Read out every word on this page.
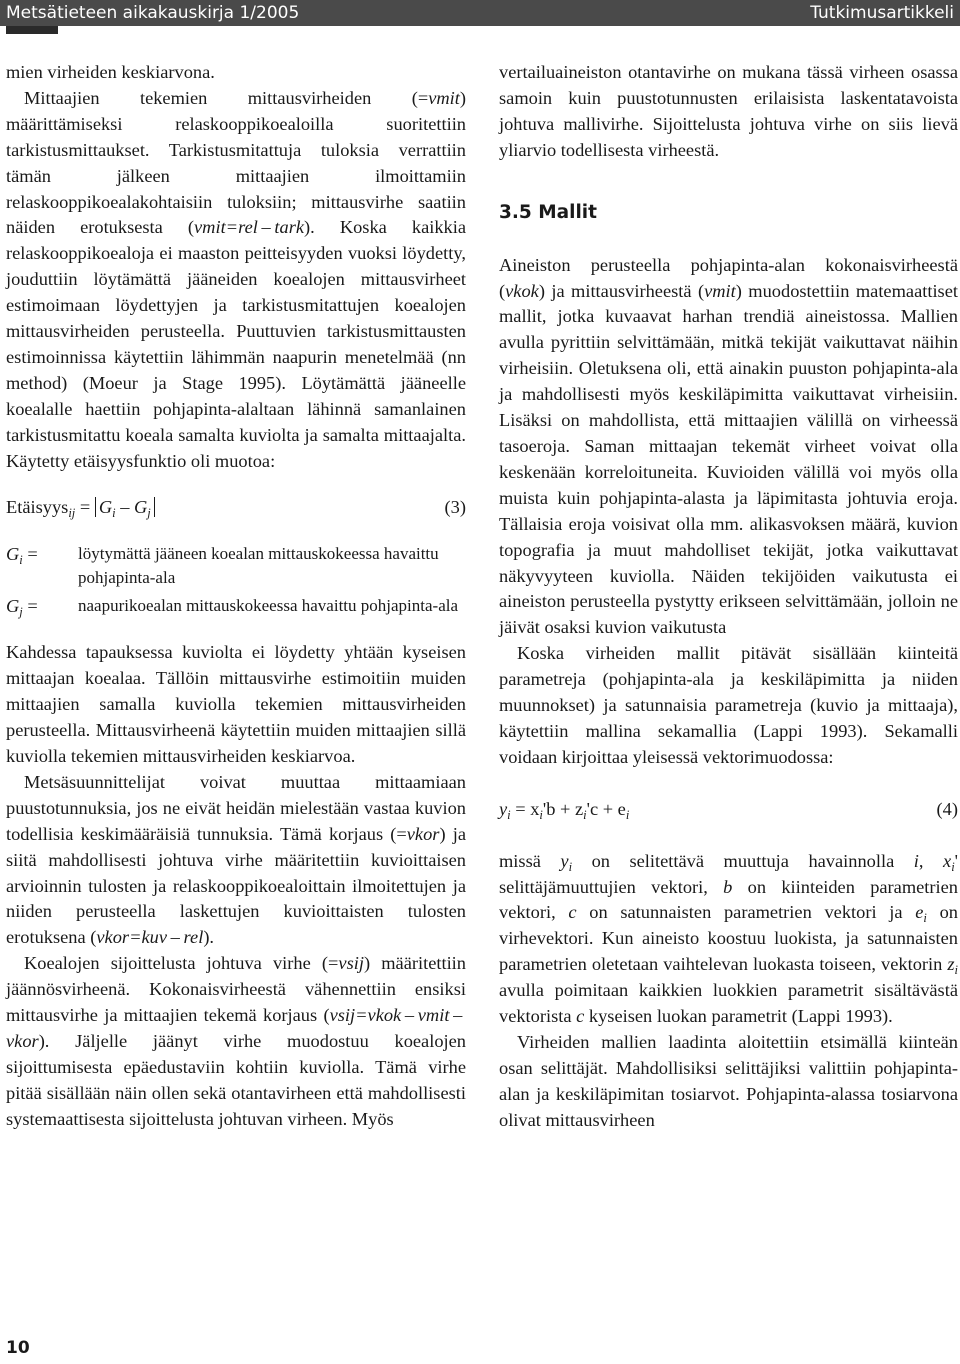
Metsätieteen aikakauskirja 1/2005	Tutkimusartikkeli

mien virheiden keskiarvona.

Mittaajien tekemien mittausvirheiden (=vmit) määrittämiseksi relaskooppikoealoilla suoritettiin tarkistusmittaukset. Tarkistusmitattuja tuloksia verrattiin tämän jälkeen mittaajien ilmoittamiin relaskooppikoealakohtaisiin tuloksiin; mittausvirhe saatiin näiden erotuksesta (vmit=rel – tark). Koska kaikkia relaskooppikoealoja ei maaston peitteisyyden vuoksi löydetty, jouduttiin löytämättä jääneiden koealojen mittausvirheet estimoimaan löydettyjen ja tarkistusmitattujen koealojen mittausvirheiden perusteella. Puuttuvien tarkistusmittausten estimoinnissa käytettiin lähimmän naapurin menetelmää (nn method) (Moeur ja Stage 1995). Löytämättä jääneelle koealalle haettiin pohjapinta-alaltaan lähinnä samanlainen tarkistusmitattu koeala samalta kuviolta ja samalta mittaajalta. Käytetty etäisyysfunktio oli muotoa:

Etäisyys$_{ij}$ = $G_i - G_j$	(3)
$G_i$ =	löytymättä jääneen koealan mittauskokeessa havaittu pohjapinta-ala
$G_j$ =	naapurikoealan mittauskokeessa havaittu pohjapinta-ala

Kahdessa tapauksessa kuviolta ei löydetty yhtään kyseisen mittaajan koealaa. Tällöin mittausvirhe estimoitiin muiden mittaajien samalla kuviolla tekemien mittausvirheiden perusteella. Mittausvirheenä käytettiin muiden mittaajien sillä kuviolla tekemien mittausvirheiden keskiarvoa.

Metsäsuunnittelijat voivat muuttaa mittaamiaan puustotunnuksia, jos ne eivät heidän mielestään vastaa kuvion todellisia keskimääräisiä tunnuksia. Tämä korjaus (=vkor) ja siitä mahdollisesti johtuva virhe määritettiin kuvioittaisen arvioinnin tulosten ja relaskooppikoealoittain ilmoitettujen ja niiden perusteella laskettujen kuvioittaisten tulosten erotuksena (vkor=kuv – rel).

Koealojen sijoittelusta johtuva virhe (=vsij) määritettiin jäännösvirheenä. Kokonaisvirheestä vähennettiin ensiksi mittausvirhe ja mittaajien tekemä korjaus (vsij=vkok – vmit – vkor). Jäljelle jäänyt virhe muodostuu koealojen sijoittumisesta epäedustaviin kohtiin kuviolla. Tämä virhe pitää sisällään näin ollen sekä otantavirheen että mahdollisesti systemaattisesta sijoittelusta johtuvan virheen. Myös

vertailuaineiston otantavirhe on mukana tässä virheen osassa samoin kuin puustotunnusten erilaisista laskentatavoista johtuva mallivirhe. Sijoittelusta johtuva virhe on siis lievä yliarvio todellisesta virheestä.

3.5 Mallit

Aineiston perusteella pohjapinta-alan kokonaisvirheestä (vkok) ja mittausvirheestä (vmit) muodostettiin matemaattiset mallit, jotka kuvaavat harhan trendiä aineistossa. Mallien avulla pyrittiin selvittämään, mitkä tekijät vaikuttavat näihin virheisiin. Oletuksena oli, että ainakin puuston pohjapinta-ala ja mahdollisesti myös keskiläpimitta vaikuttavat virheisiin. Lisäksi on mahdollista, että mittaajien välillä on virheessä tasoeroja. Saman mittaajan tekemät virheet voivat olla keskenään korreloituneita. Kuvioiden välillä voi myös olla muista kuin pohjapinta-alasta ja läpimitasta johtuvia eroja. Tällaisia eroja voisivat olla mm. alikasvoksen määrä, kuvion topografia ja muut mahdolliset tekijät, jotka vaikuttavat näkyvyyteen kuviolla. Näiden tekijöiden vaikutusta ei aineiston perusteella pystytty erikseen selvittämään, jolloin ne jäivät osaksi kuvion vaikutusta

Koska virheiden mallit pitävät sisällään kiinteitä parametreja (pohjapinta-ala ja keskiläpimitta ja niiden muunnokset) ja satunnaisia parametreja (kuvio ja mittaaja), käytettiin mallina sekamallia (Lappi 1993). Sekamalli voidaan kirjoittaa yleisessä vektorimuodossa:

$y_i = x_i'b + z_i'c + e_i$	(4)

missä $y_i$ on selitettävä muuttuja havainnolla i, $x_i'$ selittäjämuuttujien vektori, b on kiinteiden parametrien vektori, c on satunnaisten parametrien vektori ja $e_i$ on virhevektori. Kun aineisto koostuu luokista, ja satunnaisten parametrien oletetaan vaihtelevan luokasta toiseen, vektorin $z_i$ avulla poimitaan kaikkien luokkien parametrit sisältävästä vektorista c kyseisen luokan parametrit (Lappi 1993).

Virheiden mallien laadinta aloitettiin etsimällä kiinteän osan selittäjät. Mahdollisiksi selittäjiksi valittiin pohjapinta-alan ja keskiläpimitan tosiarvot. Pohjapinta-alassa tosiarvona olivat mittausvirheen

10
